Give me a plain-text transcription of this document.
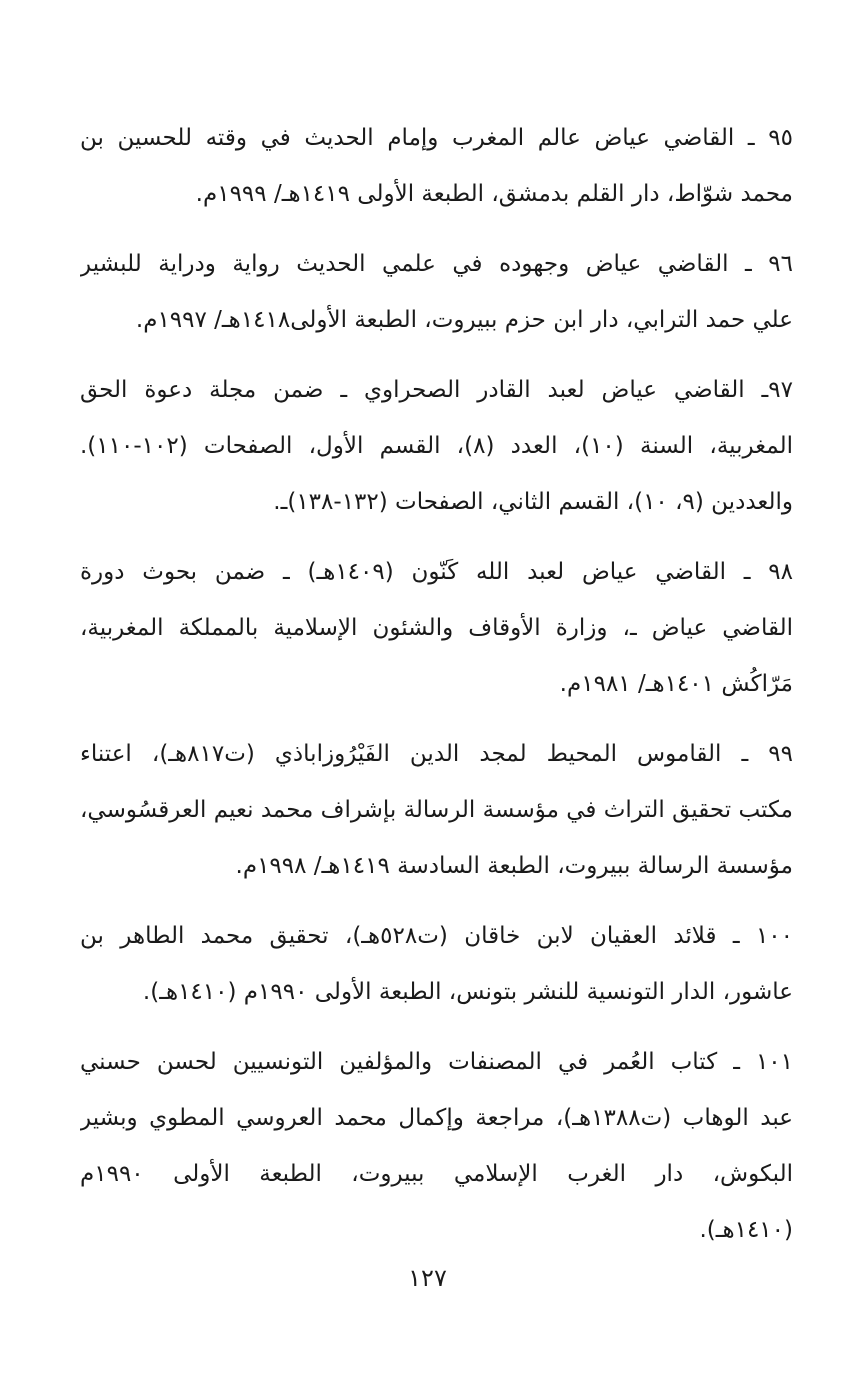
٩٥ ـ القاضي عياض عالم المغرب وإمام الحديث في وقته للحسين بن
محمد شوّاط، دار القلم بدمشق، الطبعة الأولى ١٤١٩هـ/ ١٩٩٩م.
٩٦ ـ القاضي عياض وجهوده في علمي الحديث رواية ودراية للبشير
علي حمد الترابي، دار ابن حزم ببيروت، الطبعة الأولى١٤١٨هـ/ ١٩٩٧م.
٩٧ـ القاضي عياض لعبد القادر الصحراوي ـ ضمن مجلة دعوة الحق
المغربية، السنة (١٠)، العدد (٨)، القسم الأول، الصفحات (١٠٢-١١٠).
والعددين (٩، ١٠)، القسم الثاني، الصفحات (١٣٢-١٣٨)ـ.
٩٨ ـ القاضي عياض لعبد الله كَنّون (١٤٠٩هـ) ـ ضمن بحوث دورة
القاضي عياض ـ، وزارة الأوقاف والشئون الإسلامية بالمملكة المغربية،
مَرّاكُش ١٤٠١هـ/ ١٩٨١م.
٩٩ ـ القاموس المحيط لمجد الدين الفَيْرُوزاباذي (ت٨١٧هـ)، اعتناء
مكتب تحقيق التراث في مؤسسة الرسالة بإشراف محمد نعيم العرقسُوسي،
مؤسسة الرسالة ببيروت، الطبعة السادسة ١٤١٩هـ/ ١٩٩٨م.
١٠٠ ـ قلائد العقيان لابن خاقان (ت٥٢٨هـ)، تحقيق محمد الطاهر بن
عاشور، الدار التونسية للنشر بتونس، الطبعة الأولى ١٩٩٠م (١٤١٠هـ).
١٠١ ـ كتاب العُمر في المصنفات والمؤلفين التونسيين لحسن حسني
عبد الوهاب (ت١٣٨٨هـ)، مراجعة وإكمال محمد العروسي المطوي وبشير
البكوش، دار الغرب الإسلامي ببيروت، الطبعة الأولى ١٩٩٠م
(١٤١٠هـ).
١٢٧
